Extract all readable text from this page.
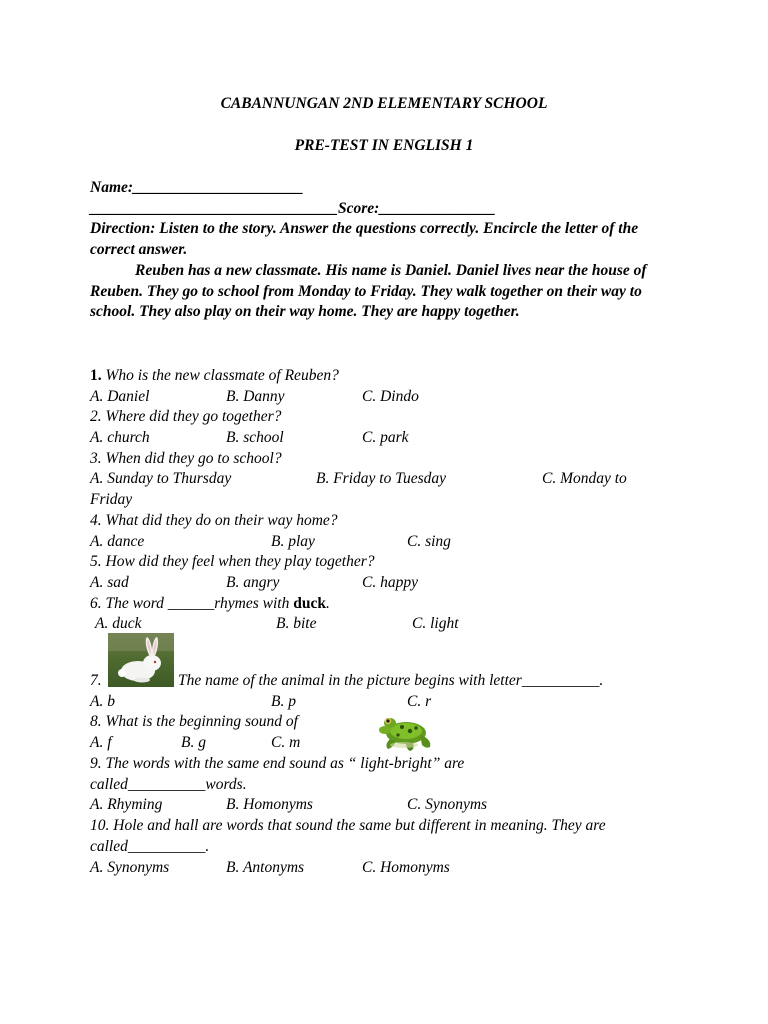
CABANNUNGAN 2ND ELEMENTARY SCHOOL
PRE-TEST IN ENGLISH 1
Name:______________________
________________________________Score:_______________
Direction: Listen to the story. Answer the questions correctly. Encircle the letter of the correct answer.
Reuben has a new classmate. His name is Daniel. Daniel lives near the house of Reuben. They go to school from Monday to Friday. They walk together on their way to school. They also play on their way home. They are happy together.
1. Who is the new classmate of Reuben?
A. Daniel	B. Danny	C. Dindo
2. Where did they go together?
A. church	B. school	C. park
3. When did they go to school?
A. Sunday to Thursday	B. Friday to Tuesday	C. Monday to
Friday
4. What did they do on their way home?
A. dance	B. play	C. sing
5. How did they feel when they play together?
A. sad	B. angry	C. happy
6. The word ______rhymes with duck.
A. duck	B. bite	C. light
7.	The name of the animal in the picture begins with letter__________.
A. b	B. p	C. r
8. What is the beginning sound of
A. f	B. g	C. m
9. The words with the same end sound as “ light-bright” are called__________words.
A. Rhyming	B. Homonyms	C. Synonyms
10. Hole and hall are words that sound the same but different in meaning. They are called__________.
A. Synonyms	B. Antonyms	C. Homonyms
